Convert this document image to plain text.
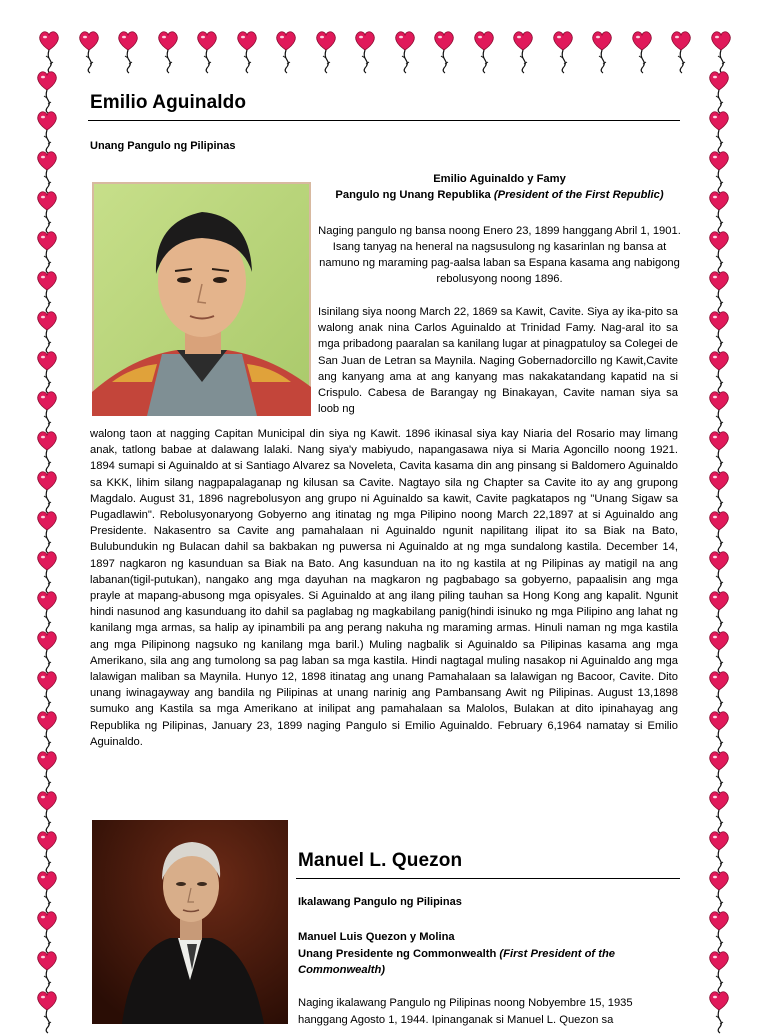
Emilio Aguinaldo
Unang Pangulo ng Pilipinas
Emilio Aguinaldo y Famy
Pangulo ng Unang Republika (President of the First Republic)
Naging pangulo ng bansa noong Enero 23, 1899 hanggang Abril 1, 1901. Isang tanyag na heneral na nagsusulong ng kasarinlan ng bansa at namuno ng maraming pag-aalsa laban sa Espana kasama ang nabigong rebolusyong noong 1896.
Isinilang siya noong March 22, 1869 sa Kawit, Cavite. Siya ay ika-pito sa walong anak nina Carlos Aguinaldo at Trinidad Famy. Nag-aral ito sa mga pribadong paaralan sa kanilang lugar at pinagpatuloy sa Colegei de San Juan de Letran sa Maynila. Naging Gobernadorcillo ng Kawit,Cavite ang kanyang ama at ang kanyang mas nakakatandang kapatid na si Crispulo. Cabesa de Barangay ng Binakayan, Cavite naman siya sa loob ng
walong taon at nagging Capitan Municipal din siya ng Kawit. 1896 ikinasal siya kay Niaria del Rosario may limang anak, tatlong babae at dalawang lalaki. Nang siya'y mabiyudo, napangasawa niya si Maria Agoncillo noong 1921. 1894 sumapi si Aguinaldo at si Santiago Alvarez sa Noveleta, Cavita kasama din ang pinsang si Baldomero Aguinaldo sa KKK, lihim silang nagpapalaganap ng kilusan sa Cavite. Nagtayo sila ng Chapter sa Cavite ito ay ang grupong Magdalo. August 31, 1896 nagrebolusyon ang grupo ni Aguinaldo sa kawit, Cavite pagkatapos ng "Unang Sigaw sa Pugadlawin". Rebolusyonaryong Gobyerno ang itinatag ng mga Pilipino noong March 22,1897 at si Aguinaldo ang Presidente. Nakasentro sa Cavite ang pamahalaan ni Aguinaldo ngunit napilitang ilipat ito sa Biak na Bato, Bulubundukin ng Bulacan dahil sa bakbakan ng puwersa ni Aguinaldo at ng mga sundalong kastila. December 14, 1897 nagkaron ng kasunduan sa Biak na Bato. Ang kasunduan na ito ng kastila at ng Pilipinas ay matigil na ang labanan(tigil-putukan), nangako ang mga dayuhan na magkaron ng pagbabago sa gobyerno, papaalisin ang mga prayle at mapang-abusong mga opisyales. Si Aguinaldo at ang ilang piling tauhan sa Hong Kong ang kapalit. Ngunit hindi nasunod ang kasunduang ito dahil sa paglabag ng magkabilang panig(hindi isinuko ng mga Pilipino ang lahat ng kanilang mga armas, sa halip ay ipinambili pa ang perang nakuha ng maraming armas. Hinuli naman ng mga kastila ang mga Pilipinong nagsuko ng kanilang mga baril.) Muling nagbalik si Aguinaldo sa Pilipinas kasama ang mga Amerikano, sila ang ang tumolong sa pag laban sa mga kastila. Hindi nagtagal muling nasakop ni Aguinaldo ang mga lalawigan maliban sa Maynila. Hunyo 12, 1898 itinatag ang unang Pamahalaan sa lalawigan ng Bacoor, Cavite. Dito unang iwinagayway ang bandila ng Pilipinas at unang narinig ang Pambansang Awit ng Pilipinas. August 13,1898 sumuko ang Kastila sa mga Amerikano at inilipat ang pamahalaan sa Malolos, Bulakan at dito ipinahayag ang Republika ng Pilipinas, January 23, 1899 naging Pangulo si Emilio Aguinaldo. February 6,1964 namatay si Emilio Aguinaldo.
Manuel L. Quezon
Ikalawang Pangulo ng Pilipinas
Manuel Luis Quezon y Molina
Unang Presidente ng Commonwealth (First President of the Commonwealth)
Naging ikalawang Pangulo ng Pilipinas noong Nobyembre 15, 1935
hanggang Agosto 1, 1944. Ipinanganak si Manuel L. Quezon sa
